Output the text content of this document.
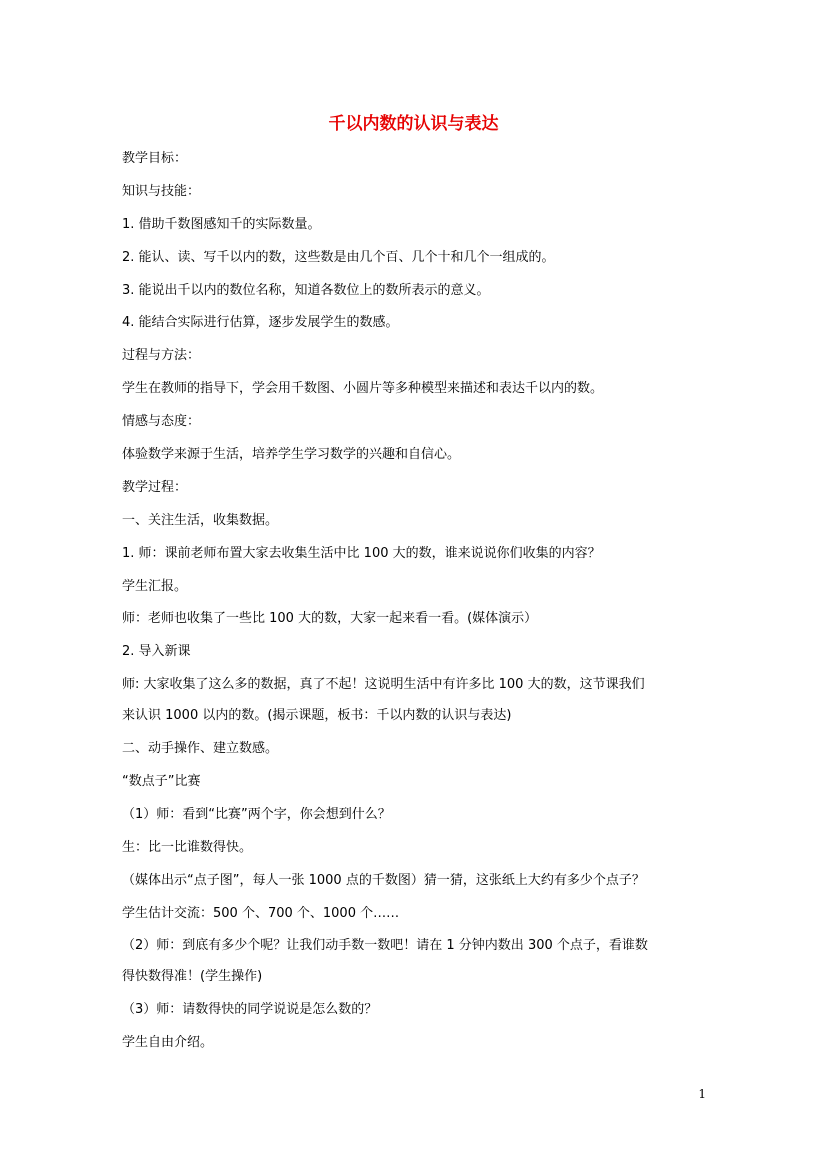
千以内数的认识与表达
教学目标：
知识与技能：
1. 借助千数图感知千的实际数量。
2. 能认、读、写千以内的数，这些数是由几个百、几个十和几个一组成的。
3. 能说出千以内的数位名称，知道各数位上的数所表示的意义。
4. 能结合实际进行估算，逐步发展学生的数感。
过程与方法：
学生在教师的指导下，学会用千数图、小圆片等多种模型来描述和表达千以内的数。
情感与态度：
体验数学来源于生活，培养学生学习数学的兴趣和自信心。
教学过程：
一、关注生活，收集数据。
1. 师：课前老师布置大家去收集生活中比 100 大的数，谁来说说你们收集的内容？
学生汇报。
师：老师也收集了一些比 100 大的数，大家一起来看一看。(媒体演示）
2. 导入新课
师: 大家收集了这么多的数据，真了不起！这说明生活中有许多比 100 大的数，这节课我们
来认识 1000 以内的数。(揭示课题，板书：千以内数的认识与表达)
二、动手操作、建立数感。
“数点子”比赛
（1）师：看到“比赛”两个字，你会想到什么？
生：比一比谁数得快。
（媒体出示“点子图”，每人一张 1000 点的千数图）猜一猜，这张纸上大约有多少个点子？
学生估计交流：500 个、700 个、1000 个……
（2）师：到底有多少个呢？让我们动手数一数吧！请在 1 分钟内数出 300 个点子，看谁数
得快数得准！(学生操作)
（3）师：请数得快的同学说说是怎么数的？
学生自由介绍。
1
